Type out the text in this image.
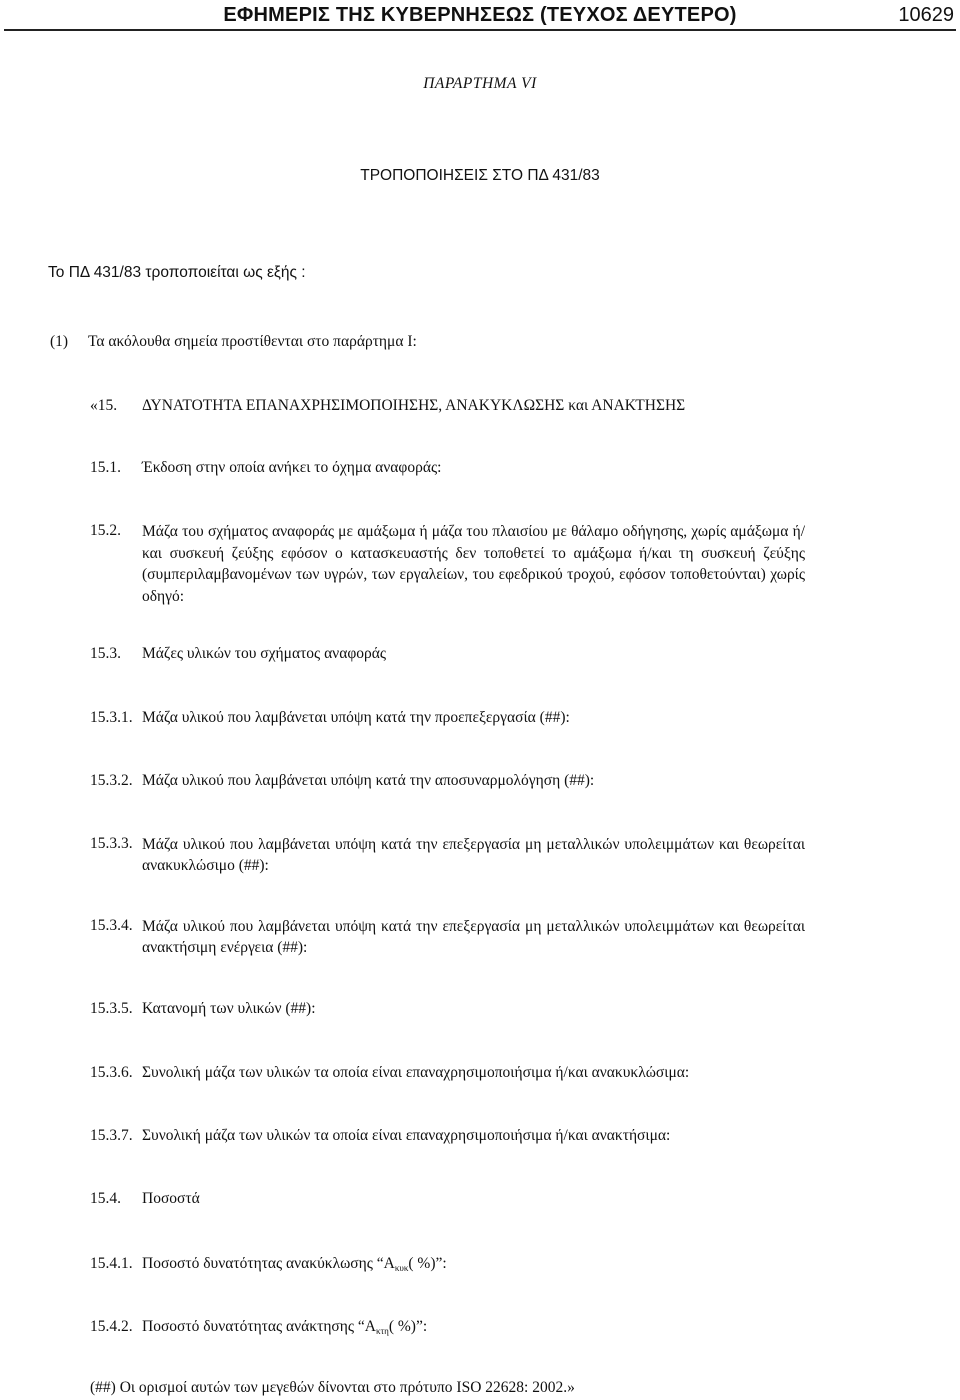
ΕΦΗΜΕΡΙΣ ΤΗΣ ΚΥΒΕΡΝΗΣΕΩΣ (ΤΕΥΧΟΣ ΔΕΥΤΕΡΟ)	10629
ΠΑΡΑΡΤΗΜΑ VI
ΤΡΟΠΟΠΟΙΗΣΕΙΣ ΣΤΟ ΠΔ 431/83
Το ΠΔ 431/83 τροποποιείται ως εξής :
(1) Τα ακόλουθα σημεία προστίθενται στο παράρτημα I:
«15. ΔΥΝΑΤΟΤΗΤΑ ΕΠΑΝΑΧΡΗΣΙΜΟΠΟΙΗΣΗΣ, ΑΝΑΚΥΚΛΩΣΗΣ και ΑΝΑΚΤΗΣΗΣ
15.1. Έκδοση στην οποία ανήκει το όχημα αναφοράς:
15.2. Μάζα του σχήματος αναφοράς με αμάξωμα ή μάζα του πλαισίου με θάλαμο οδήγησης, χωρίς αμάξωμα ή/και συσκευή ζεύξης εφόσον ο κατασκευαστής δεν τοποθετεί το αμάξωμα ή/και τη συσκευή ζεύξης (συμπεριλαμβανομένων των υγρών, των εργαλείων, του εφεδρικού τροχού, εφόσον τοποθετούνται) χωρίς οδηγό:
15.3. Μάζες υλικών του σχήματος αναφοράς
15.3.1. Μάζα υλικού που λαμβάνεται υπόψη κατά την προεπεξεργασία (##):
15.3.2. Μάζα υλικού που λαμβάνεται υπόψη κατά την αποσυναρμολόγηση (##):
15.3.3. Μάζα υλικού που λαμβάνεται υπόψη κατά την επεξεργασία μη μεταλλικών υπολειμμάτων και θεωρείται ανακυκλώσιμο (##):
15.3.4. Μάζα υλικού που λαμβάνεται υπόψη κατά την επεξεργασία μη μεταλλικών υπολειμμάτων και θεωρείται ανακτήσιμη ενέργεια (##):
15.3.5. Κατανομή των υλικών (##):
15.3.6. Συνολική μάζα των υλικών τα οποία είναι επαναχρησιμοποιήσιμα ή/και ανακυκλώσιμα:
15.3.7. Συνολική μάζα των υλικών τα οποία είναι επαναχρησιμοποιήσιμα ή/και ανακτήσιμα:
15.4. Ποσοστά
15.4.1. Ποσοστό δυνατότητας ανακύκλωσης “$A_{\kappa\upsilon\kappa}$( %)”:
15.4.2. Ποσοστό δυνατότητας ανάκτησης “$A_{\kappa\tau\eta}$( %)”:
(##) Οι ορισμοί αυτών των μεγεθών δίνονται στο πρότυπο ISO 22628: 2002.»
